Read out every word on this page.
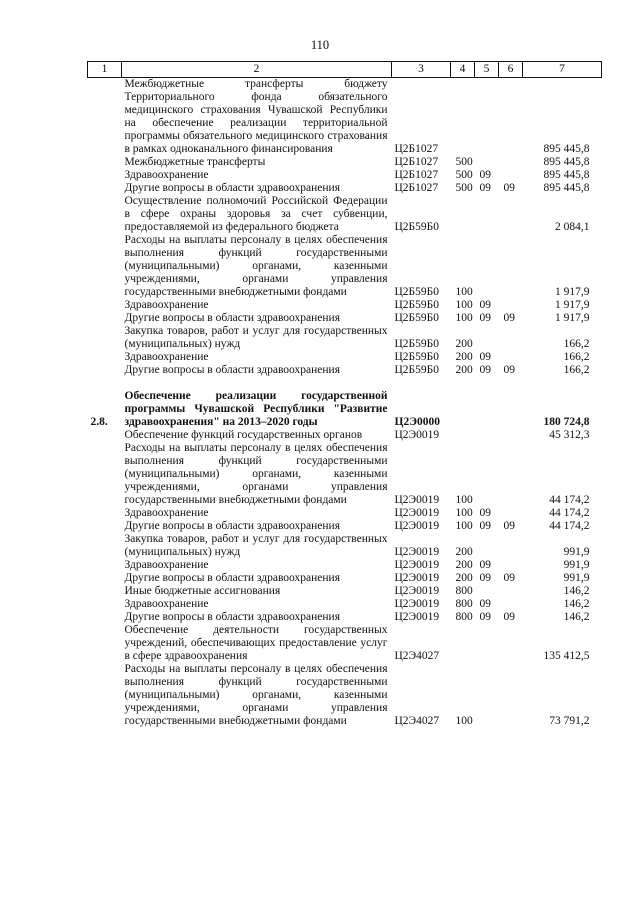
110
1	2	3	4	5	6	7
	Межбюджетные трансферты бюджету Территориального фонда обязательного медицинского страхования Чувашской Республики на обеспечение реализации территориальной программы обязательного медицинского страхования в рамках одноканального финансирования	Ц2Б1027				895 445,8
	Межбюджетные трансферты	Ц2Б1027	500			895 445,8
	Здравоохранение	Ц2Б1027	500	09		895 445,8
	Другие вопросы в области здравоохранения	Ц2Б1027	500	09	09	895 445,8
	Осуществление полномочий Российской Федерации в сфере охраны здоровья за счет субвенции, предоставляемой из федерального бюджета	Ц2Б59Б0				2 084,1
	Расходы на выплаты персоналу в целях обеспечения выполнения функций государственными (муниципальными) органами, казенными учреждениями, органами управления государственными внебюджетными фондами	Ц2Б59Б0	100			1 917,9
	Здравоохранение	Ц2Б59Б0	100	09		1 917,9
	Другие вопросы в области здравоохранения	Ц2Б59Б0	100	09	09	1 917,9
	Закупка товаров, работ и услуг для государственных (муниципальных) нужд	Ц2Б59Б0	200			166,2
	Здравоохранение	Ц2Б59Б0	200	09		166,2
	Другие вопросы в области здравоохранения	Ц2Б59Б0	200	09	09	166,2

2.8.	Обеспечение реализации государственной программы Чувашской Республики "Развитие здравоохранения" на 2013–2020 годы	Ц2Э0000				180 724,8
	Обеспечение функций государственных органов	Ц2Э0019				45 312,3
	Расходы на выплаты персоналу в целях обеспечения выполнения функций государственными (муниципальными) органами, казенными учреждениями, органами управления государственными внебюджетными фондами	Ц2Э0019	100			44 174,2
	Здравоохранение	Ц2Э0019	100	09		44 174,2
	Другие вопросы в области здравоохранения	Ц2Э0019	100	09	09	44 174,2
	Закупка товаров, работ и услуг для государственных (муниципальных) нужд	Ц2Э0019	200			991,9
	Здравоохранение	Ц2Э0019	200	09		991,9
	Другие вопросы в области здравоохранения	Ц2Э0019	200	09	09	991,9
	Иные бюджетные ассигнования	Ц2Э0019	800			146,2
	Здравоохранение	Ц2Э0019	800	09		146,2
	Другие вопросы в области здравоохранения	Ц2Э0019	800	09	09	146,2
	Обеспечение деятельности государственных учреждений, обеспечивающих предоставление услуг в сфере здравоохранения	Ц2Э4027				135 412,5
	Расходы на выплаты персоналу в целях обеспечения выполнения функций государственными (муниципальными) органами, казенными учреждениями, органами управления государственными внебюджетными фондами	Ц2Э4027	100			73 791,2
